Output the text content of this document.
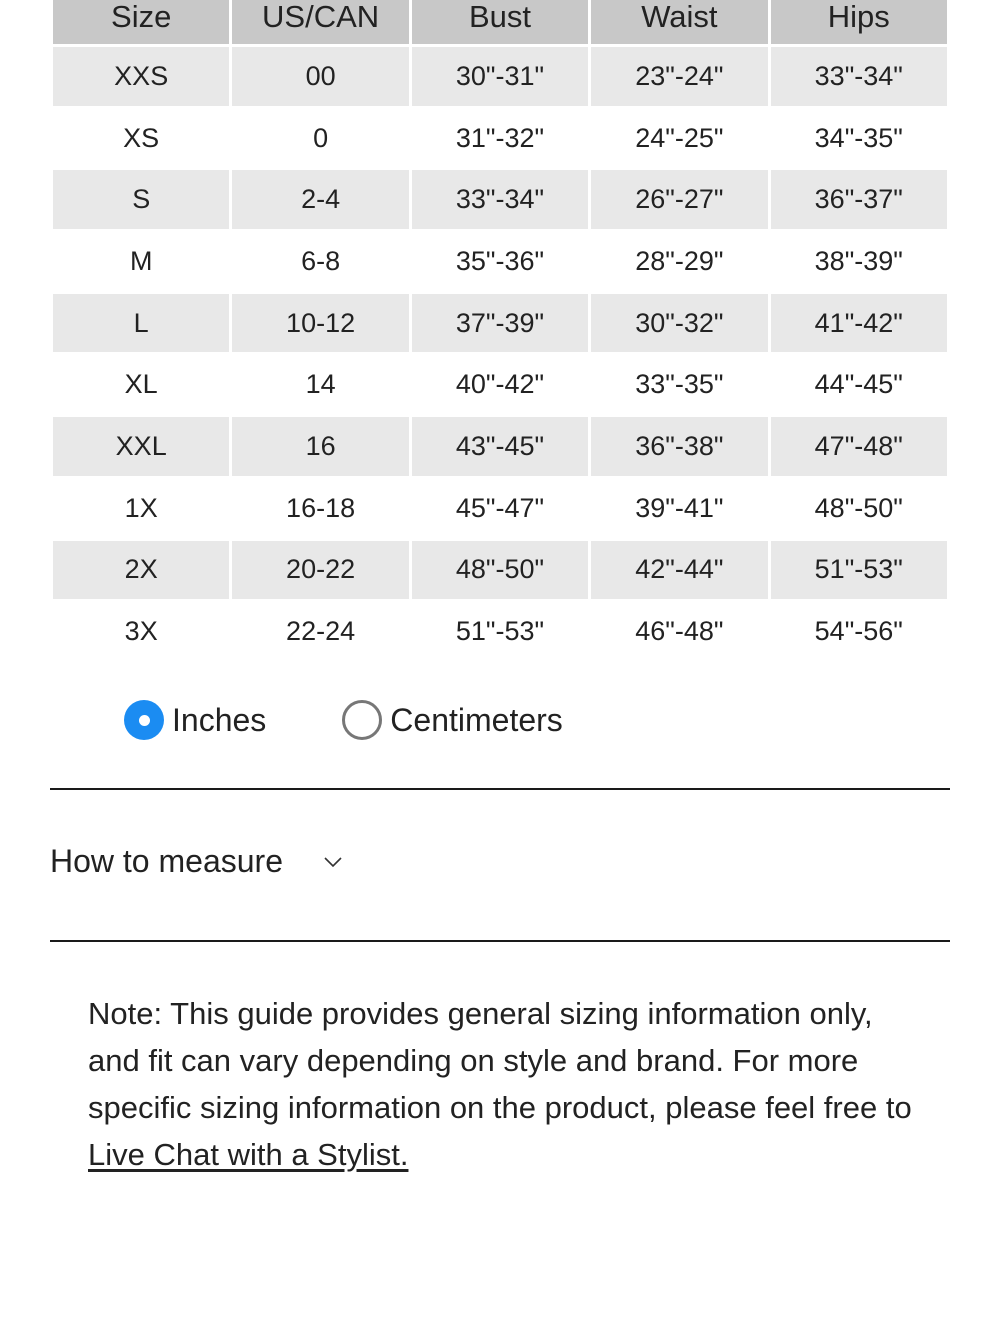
Size	US/CAN	Bust	Waist	Hips
XXS	00	30"-31"	23"-24"	33"-34"
XS	0	31"-32"	24"-25"	34"-35"
S	2-4	33"-34"	26"-27"	36"-37"
M	6-8	35"-36"	28"-29"	38"-39"
L	10-12	37"-39"	30"-32"	41"-42"
XL	14	40"-42"	33"-35"	44"-45"
XXL	16	43"-45"	36"-38"	47"-48"
1X	16-18	45"-47"	39"-41"	48"-50"
2X	20-22	48"-50"	42"-44"	51"-53"
3X	22-24	51"-53"	46"-48"	54"-56"
Inches	Centimeters
How to measure
Note: This guide provides general sizing information only, and fit can vary depending on style and brand. For more specific sizing information on the product, please feel free to Live Chat with a Stylist.
